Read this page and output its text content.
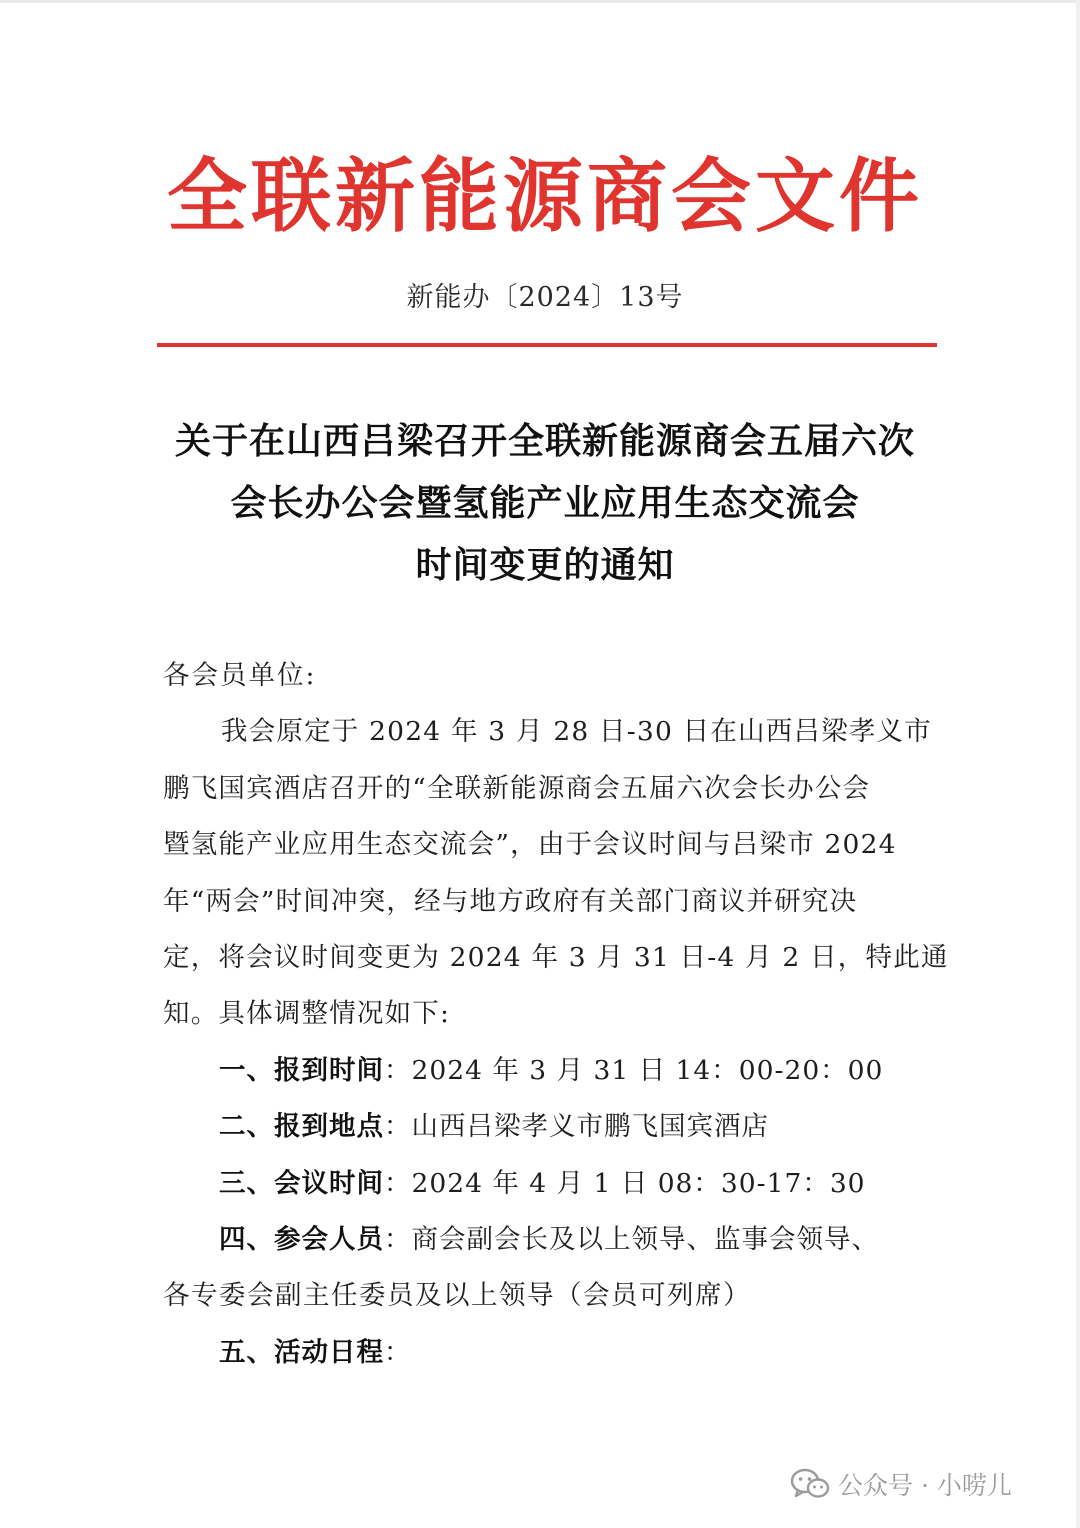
全联新能源商会文件
新能办〔2024〕13号
关于在山西吕梁召开全联新能源商会五届六次
会长办公会暨氢能产业应用生态交流会
时间变更的通知

各会员单位:

我会原定于 2024 年 3 月 28 日-30 日在山西吕梁孝义市

鹏飞国宾酒店召开的“全联新能源商会五届六次会长办公会

暨氢能产业应用生态交流会”，由于会议时间与吕梁市 2024

年“两会”时间冲突，经与地方政府有关部门商议并研究决

定，将会议时间变更为 2024 年 3 月 31 日-4 月 2 日，特此通

知。具体调整情况如下:

一、报到时间：2024 年 3 月 31 日 14：00-20：00

二、报到地点：山西吕梁孝义市鹏飞国宾酒店

三、会议时间：2024 年 4 月 1 日 08：30-17：30

四、参会人员：商会副会长及以上领导、监事会领导、

各专委会副主任委员及以上领导（会员可列席）

五、活动日程：

公众号 · 小唠儿
